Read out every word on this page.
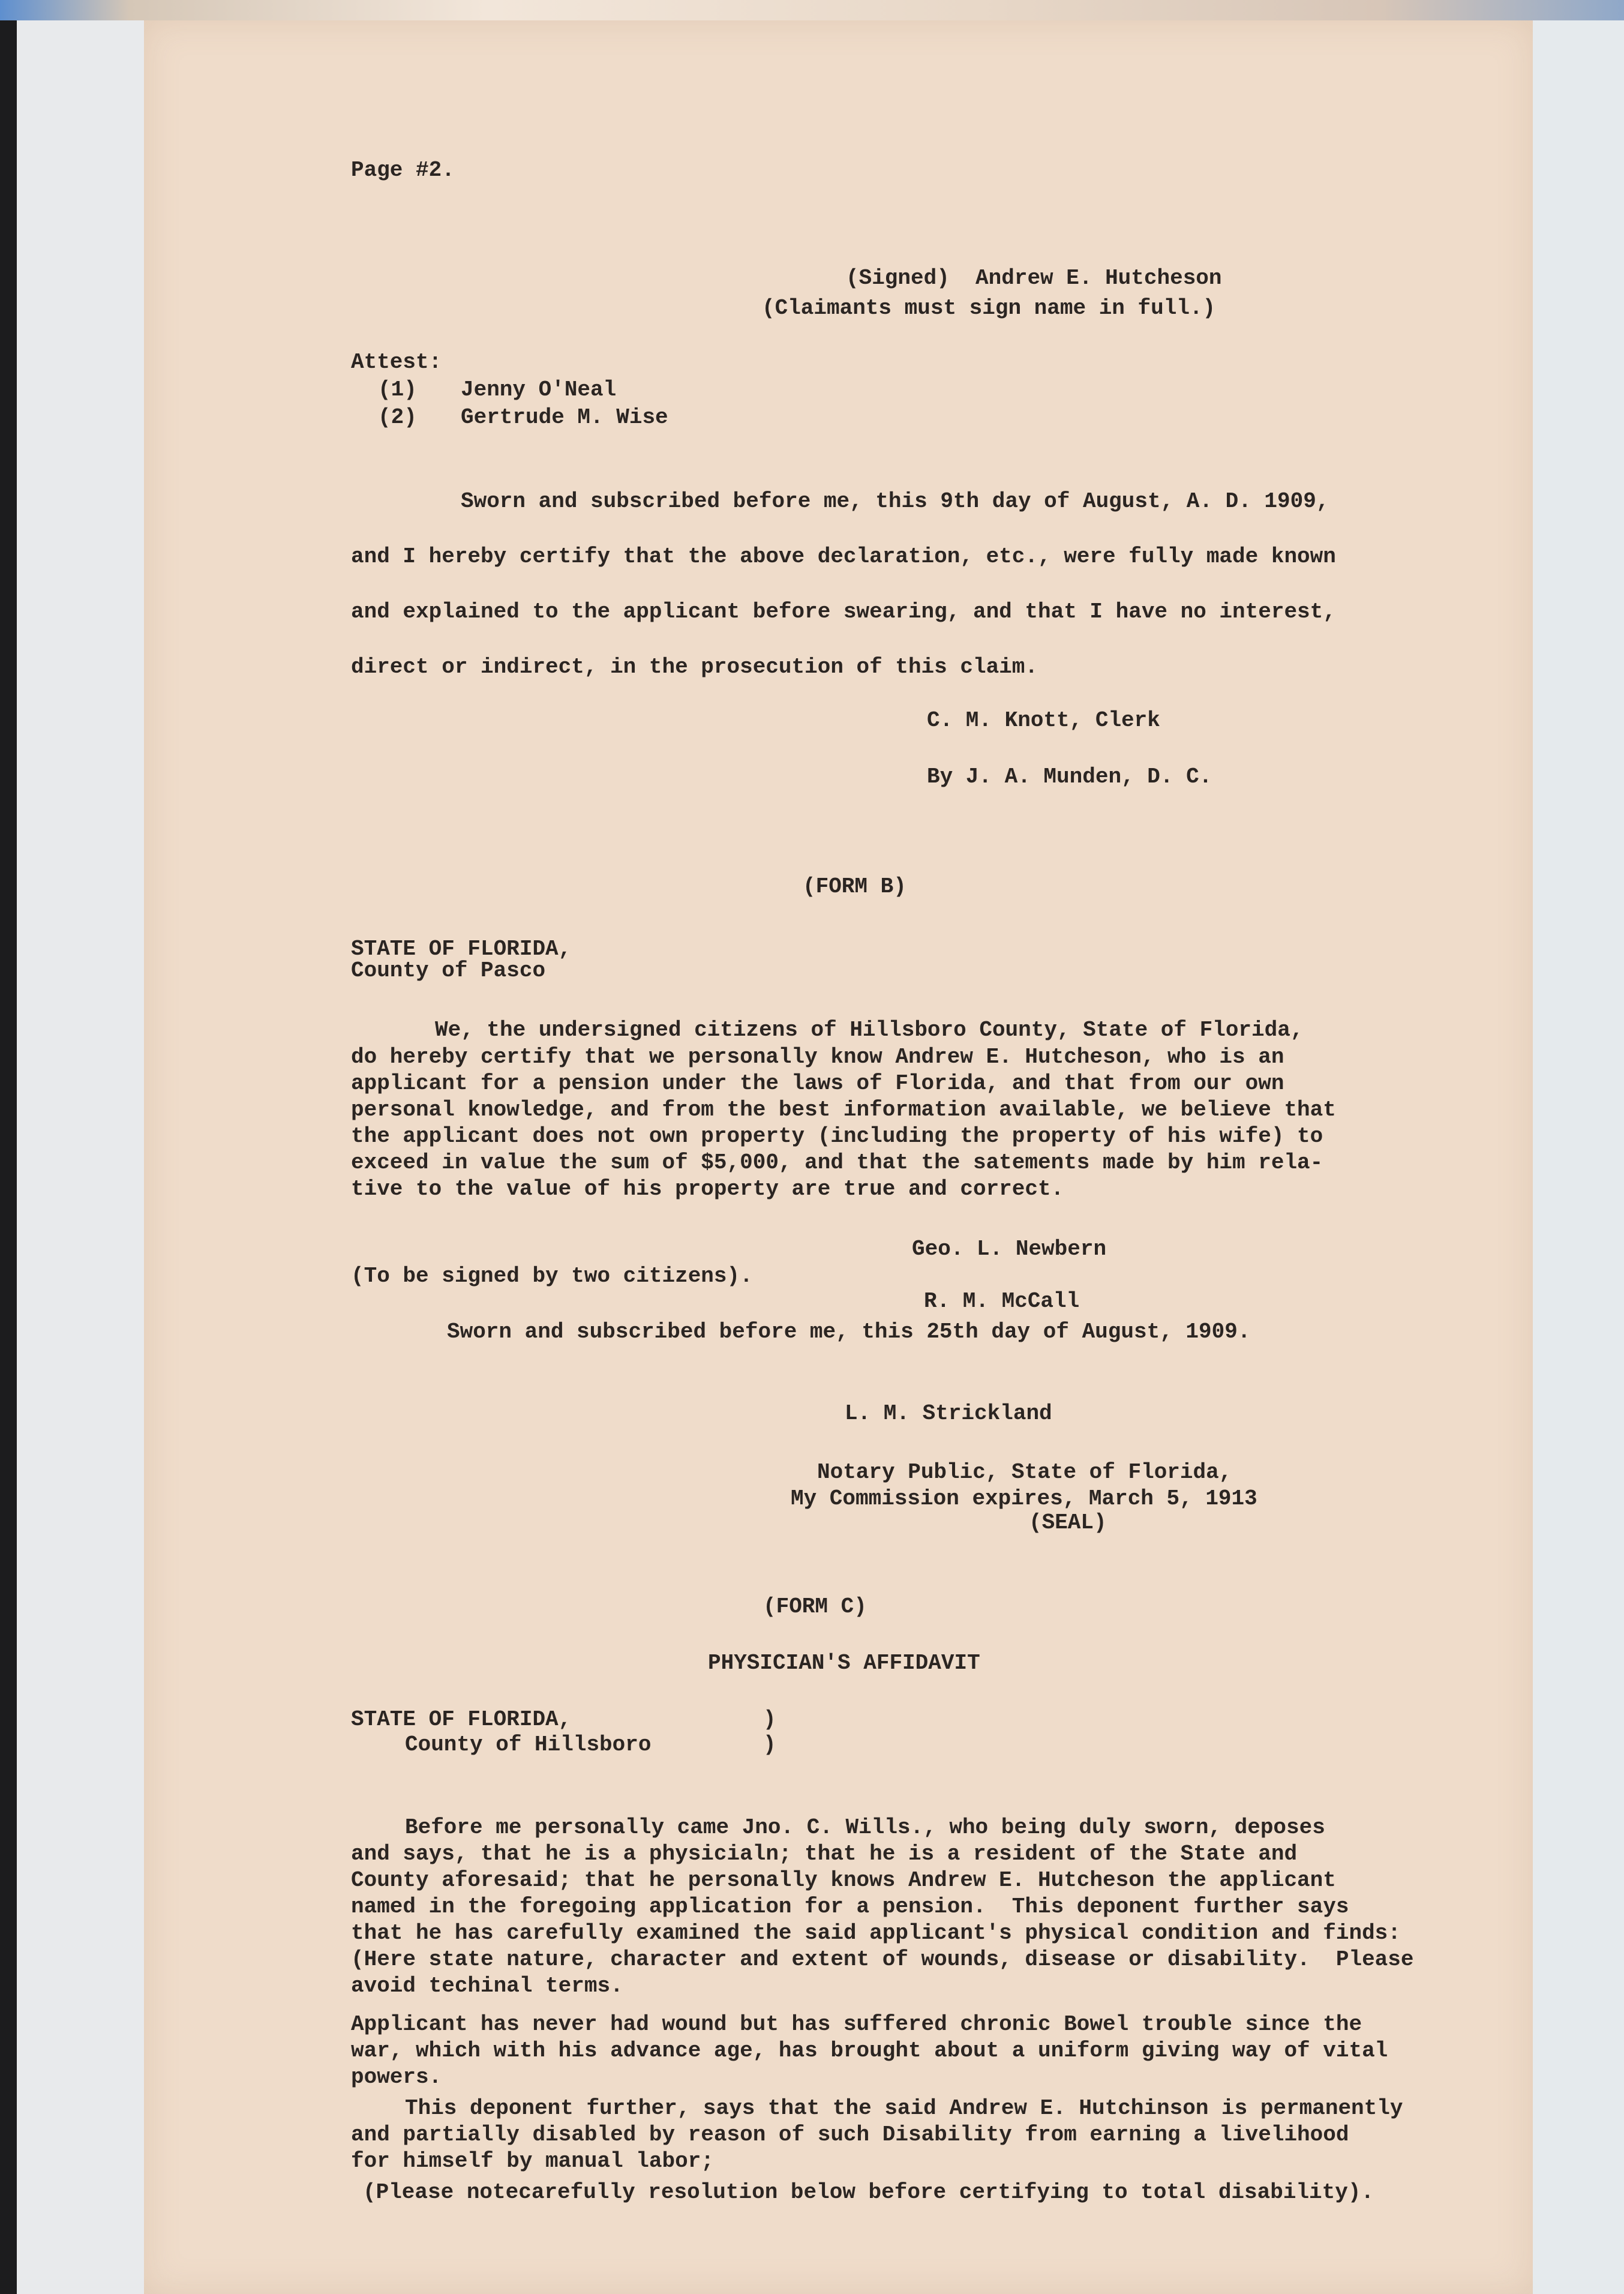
Page #2.
(Signed)  Andrew E. Hutcheson
(Claimants must sign name in full.)
Attest:
(1) Jenny O'Neal
(2) Gertrude M. Wise
Sworn and subscribed before me, this 9th day of August, A. D. 1909,
and I hereby certify that the above declaration, etc., were fully made known
and explained to the applicant before swearing, and that I have no interest,
direct or indirect, in the prosecution of this claim.
C. M. Knott, Clerk
By J. A. Munden, D. C.
(FORM B)
STATE OF FLORIDA,
County of Pasco
We, the undersigned citizens of Hillsboro County, State of Florida,
do hereby certify that we personally know Andrew E. Hutcheson, who is an
applicant for a pension under the laws of Florida, and that from our own
personal knowledge, and from the best information available, we believe that
the applicant does not own property (including the property of his wife) to
exceed in value the sum of $5,000, and that the satements made by him rela-
tive to the value of his property are true and correct.
Geo. L. Newbern
(To be signed by two citizens).
R. M. McCall
Sworn and subscribed before me, this 25th day of August, 1909.
L. M. Strickland
Notary Public, State of Florida,
My Commission expires, March 5, 1913
(SEAL)
(FORM C)
PHYSICIAN'S AFFIDAVIT
STATE OF FLORIDA,	)
County of Hillsboro	)
Before me personally came Jno. C. Wills., who being duly sworn, deposes
and says, that he is a physicialn; that he is a resident of the State and
County aforesaid; that he personally knows Andrew E. Hutcheson the applicant
named in the foregoing application for a pension.  This deponent further says
that he has carefully examined the said applicant's physical condition and finds:
(Here state nature, character and extent of wounds, disease or disability.  Please
avoid techinal terms.
Applicant has never had wound but has suffered chronic Bowel trouble since the
war, which with his advance age, has brought about a uniform giving way of vital
powers.
This deponent further, says that the said Andrew E. Hutchinson is permanently
and partially disabled by reason of such Disability from earning a livelihood
for himself by manual labor;
(Please notecarefully resolution below before certifying to total disability).
